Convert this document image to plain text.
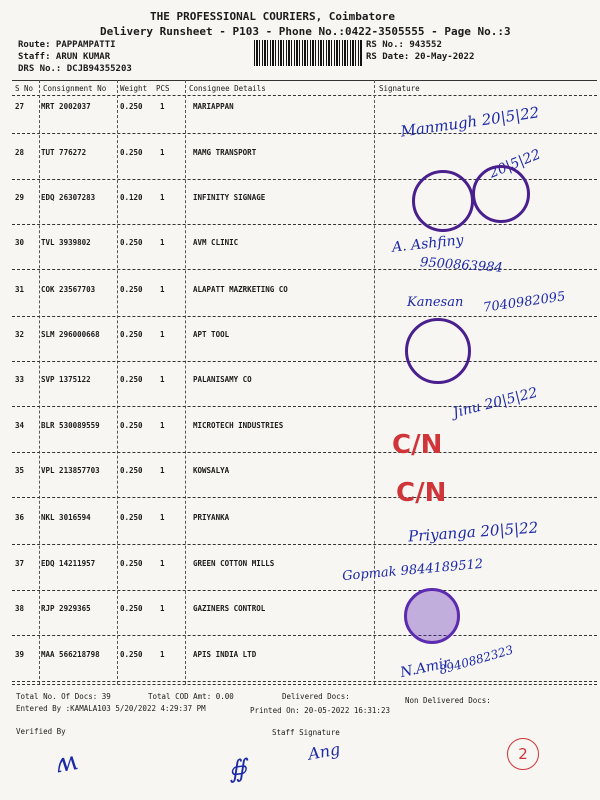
THE PROFESSIONAL COURIERS, Coimbatore
Delivery Runsheet - P103 - Phone No.:0422-3505555 - Page No.:3
Route: PAPPAMPATTI
Staff: ARUN KUMAR
DRS No.: DCJB94355203
RS No.: 943552
RS Date: 20-May-2022
S No Consignment No Weight PCS	Consignee Details	Signature
27 MRT 2002037	0.250 1	MARIAPPAN
28 TUT 776272	0.250 1	MAMG TRANSPORT
29 EDQ 26307283	0.120 1	INFINITY SIGNAGE
30 TVL 3939802	0.250 1	AVM CLINIC
31 COK 23567703	0.250 1	ALAPATT MAZRKETING CO
32 SLM 296000668	0.250 1	APT TOOL
33 SVP 1375122	0.250 1	PALANISAMY CO
34 BLR 530089559	0.250 1	MICROTECH INDUSTRIES
35 VPL 213857703	0.250 1	KOWSALYA
36 NKL 3016594	0.250 1	PRIYANKA
37 EDQ 14211957	0.250 1	GREEN COTTON MILLS
38 RJP 2929365	0.250 1	GAZINERS CONTROL
39 MAA 566218798	0.250 1	APIS INDIA LTD
Manmugh 20|5|22
20|5|22
A. Ashfiny
9500863984
Kanesan 7040982095
Jinu 20|5|22
C/N
C/N
Priyanga 20|5|22
Gopmak 9844189512
N.Amir
8940882323
Total No. Of Docs: 39	Total COD Amt: 0.00	Delivered Docs:	Non Delivered Docs:
Entered By :KAMALA103 5/20/2022 4:29:37 PM	Printed On: 20-05-2022 16:31:23
Verified By	Staff Signature
ʍ	∯
Ang	2
